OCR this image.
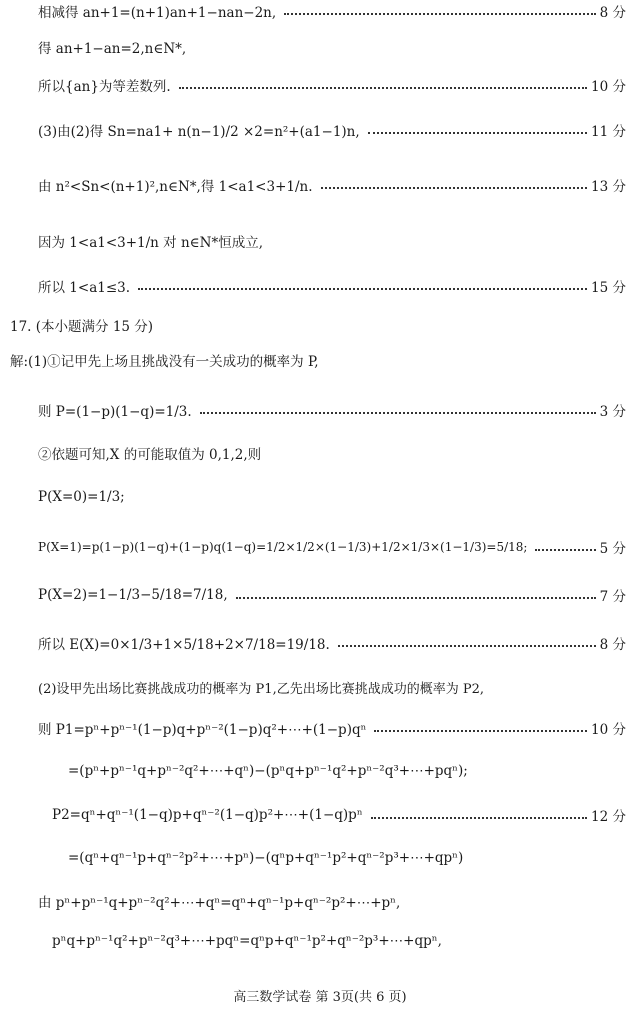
相减得 an+1=(n+1)an+1−nan−2n,	8 分
得 an+1−an=2,n∈N*,
所以{an}为等差数列.	10 分
(3)由(2)得 Sn=na1+ n(n−1)/2 ×2=n²+(a1−1)n,	11 分
由 n²<Sn<(n+1)²,n∈N*,得 1<a1<3+1/n.	13 分
因为 1<a1<3+1/n 对 n∈N*恒成立,
所以 1<a1≤3.	15 分
17. (本小题满分 15 分)
解:(1)①记甲先上场且挑战没有一关成功的概率为 P,
则 P=(1−p)(1−q)=1/3.	3 分
②依题可知,X 的可能取值为 0,1,2,则
P(X=0)=1/3;
P(X=1)=p(1−p)(1−q)+(1−p)q(1−q)=1/2×1/2×(1−1/3)+1/2×1/3×(1−1/3)=5/18;	5 分
P(X=2)=1−1/3−5/18=7/18,	7 分
所以 E(X)=0×1/3+1×5/18+2×7/18=19/18.	8 分
(2)设甲先出场比赛挑战成功的概率为 P1,乙先出场比赛挑战成功的概率为 P2,
则 P1=pⁿ+pⁿ⁻¹(1−p)q+pⁿ⁻²(1−p)q²+⋯+(1−p)qⁿ	10 分
=(pⁿ+pⁿ⁻¹q+pⁿ⁻²q²+⋯+qⁿ)−(pⁿq+pⁿ⁻¹q²+pⁿ⁻²q³+⋯+pqⁿ);
P2=qⁿ+qⁿ⁻¹(1−q)p+qⁿ⁻²(1−q)p²+⋯+(1−q)pⁿ	12 分
=(qⁿ+qⁿ⁻¹p+qⁿ⁻²p²+⋯+pⁿ)−(qⁿp+qⁿ⁻¹p²+qⁿ⁻²p³+⋯+qpⁿ)
由 pⁿ+pⁿ⁻¹q+pⁿ⁻²q²+⋯+qⁿ=qⁿ+qⁿ⁻¹p+qⁿ⁻²p²+⋯+pⁿ,
pⁿq+pⁿ⁻¹q²+pⁿ⁻²q³+⋯+pqⁿ=qⁿp+qⁿ⁻¹p²+qⁿ⁻²p³+⋯+qpⁿ,
高三数学试卷 第 3页(共 6 页)
